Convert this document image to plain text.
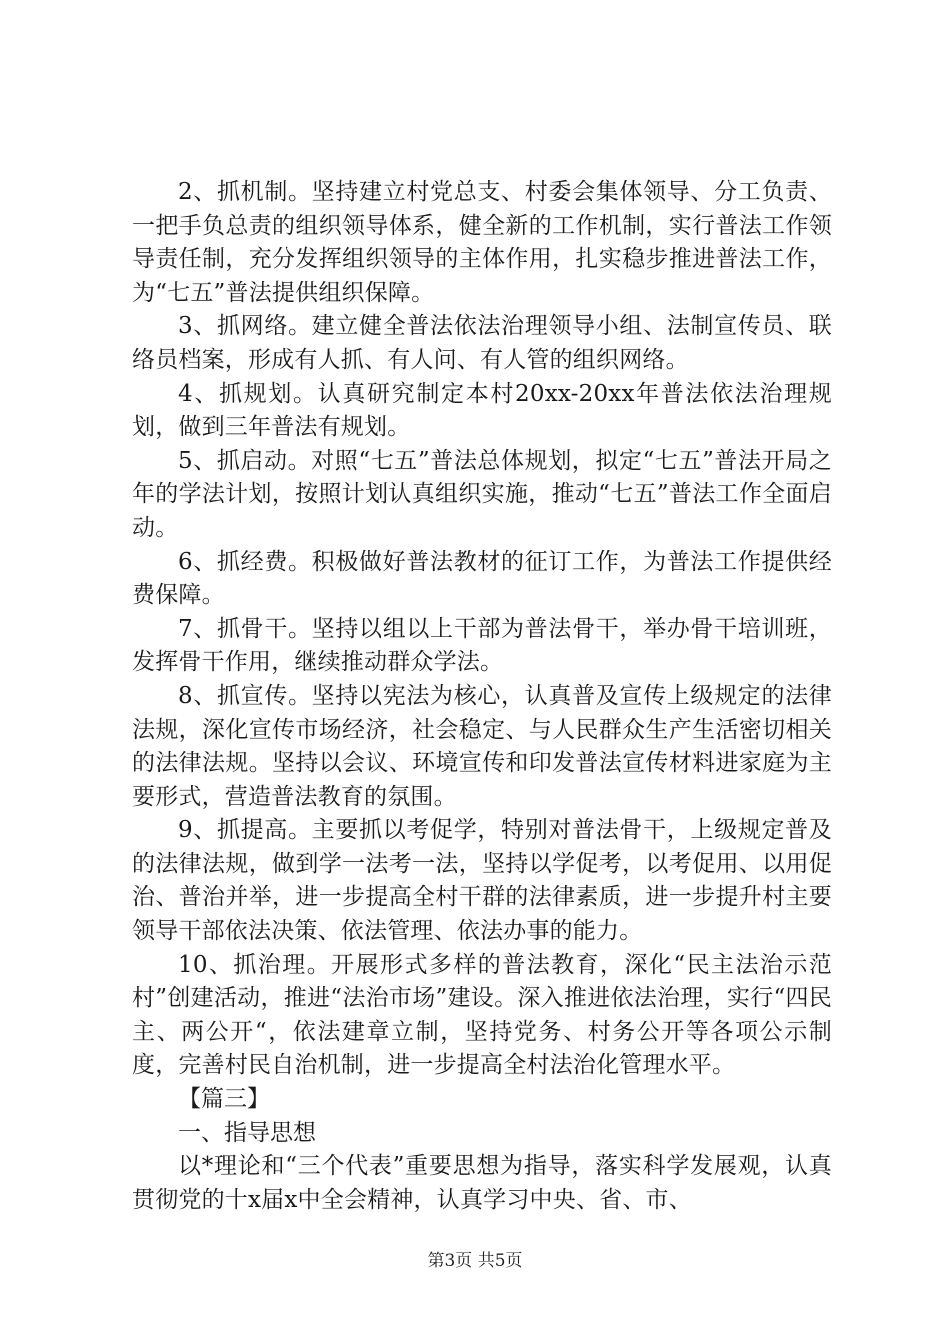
2、抓机制。坚持建立村党总支、村委会集体领导、分工负责、一把手负总责的组织领导体系，健全新的工作机制，实行普法工作领导责任制，充分发挥组织领导的主体作用，扎实稳步推进普法工作，为“七五”普法提供组织保障。

3、抓网络。建立健全普法依法治理领导小组、法制宣传员、联络员档案，形成有人抓、有人问、有人管的组织网络。

4、抓规划。认真研究制定本村20xx-20xx年普法依法治理规划，做到三年普法有规划。

5、抓启动。对照“七五”普法总体规划，拟定“七五”普法开局之年的学法计划，按照计划认真组织实施，推动“七五”普法工作全面启动。

6、抓经费。积极做好普法教材的征订工作，为普法工作提供经费保障。

7、抓骨干。坚持以组以上干部为普法骨干，举办骨干培训班，发挥骨干作用，继续推动群众学法。

8、抓宣传。坚持以宪法为核心，认真普及宣传上级规定的法律法规，深化宣传市场经济，社会稳定、与人民群众生产生活密切相关的法律法规。坚持以会议、环境宣传和印发普法宣传材料进家庭为主要形式，营造普法教育的氛围。

9、抓提高。主要抓以考促学，特别对普法骨干，上级规定普及的法律法规，做到学一法考一法，坚持以学促考，以考促用、以用促治、普治并举，进一步提高全村干群的法律素质，进一步提升村主要领导干部依法决策、依法管理、依法办事的能力。

10、抓治理。开展形式多样的普法教育，深化“民主法治示范村”创建活动，推进“法治市场”建设。深入推进依法治理，实行“四民主、两公开“，依法建章立制，坚持党务、村务公开等各项公示制度，完善村民自治机制，进一步提高全村法治化管理水平。

【篇三】

一、指导思想

以*理论和“三个代表”重要思想为指导，落实科学发展观，认真贯彻党的十x届x中全会精神，认真学习中央、省、市、

第3页 共5页
